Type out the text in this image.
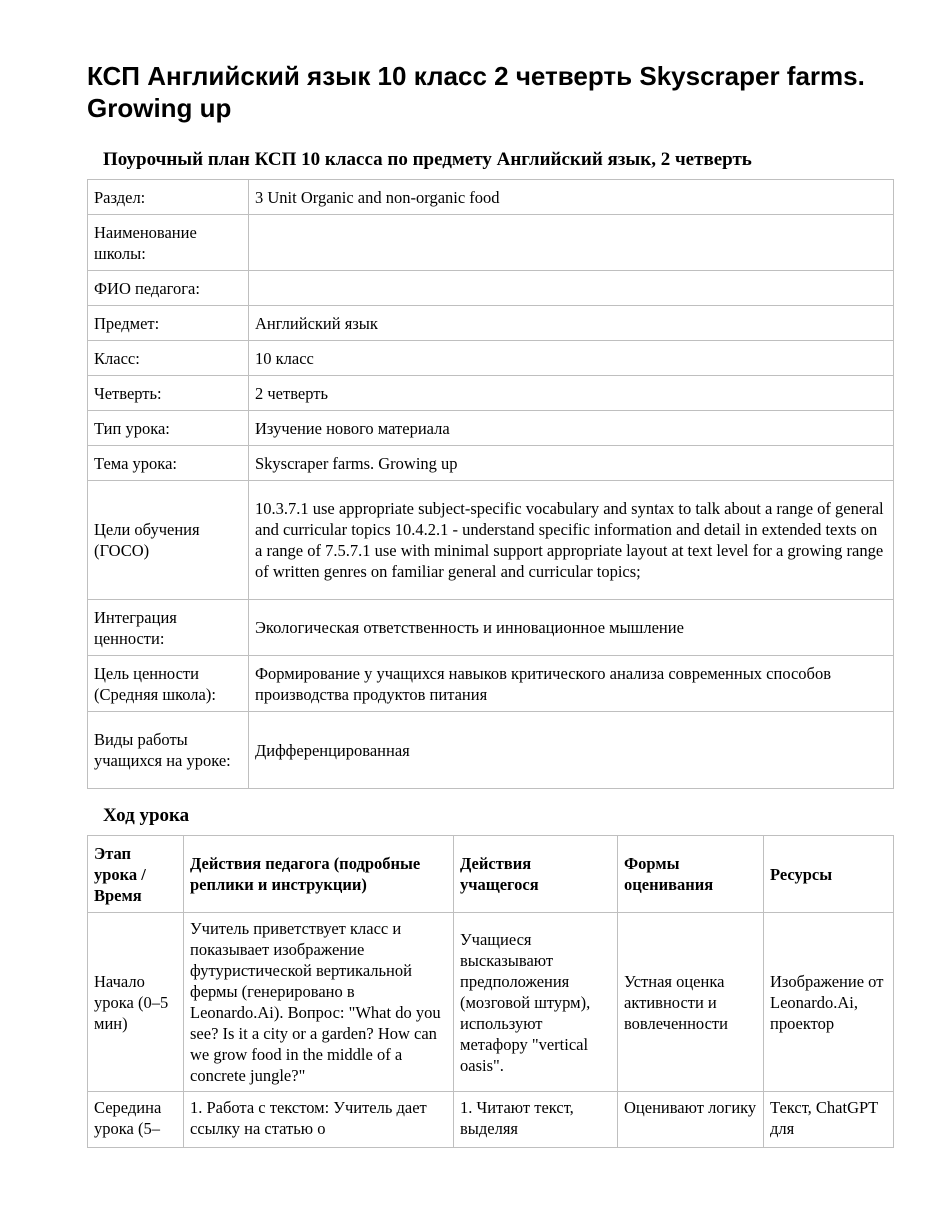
КСП Английский язык 10 класс 2 четверть Skyscraper farms. Growing up
Поурочный план КСП 10 класса по предмету Английский язык, 2 четверть
Раздел:	3 Unit Organic and non-organic food
Наименование школы:	
ФИО педагога:	
Предмет:	Английский язык
Класс:	10 класс
Четверть:	2 четверть
Тип урока:	Изучение нового материала
Тема урока:	Skyscraper farms. Growing up
Цели обучения (ГОСО)	10.3.7.1 use appropriate subject-specific vocabulary and syntax to talk about a range of general and curricular topics 10.4.2.1 - understand specific information and detail in extended texts on a range of 7.5.7.1 use with minimal support appropriate layout at text level for a growing range of written genres on familiar general and curricular topics;
Интеграция ценности:	Экологическая ответственность и инновационное мышление
Цель ценности (Средняя школа):	Формирование у учащихся навыков критического анализа современных способов производства продуктов питания
Виды работы учащихся на уроке:	Дифференцированная
Ход урока
Этап урока / Время	Действия педагога (подробные реплики и инструкции)	Действия учащегося	Формы оценивания	Ресурсы
Начало урока (0–5 мин)	Учитель приветствует класс и показывает изображение футуристической вертикальной фермы (генерировано в Leonardo.Ai). Вопрос: "What do you see? Is it a city or a garden? How can we grow food in the middle of a concrete jungle?"	Учащиеся высказывают предположения (мозговой штурм), используют метафору "vertical oasis".	Устная оценка активности и вовлеченности	Изображение от Leonardo.Ai, проектор
Середина урока (5–	1. Работа с текстом: Учитель дает ссылку на статью о	1. Читают текст, выделяя	Оценивают логику	Текст, ChatGPT для
